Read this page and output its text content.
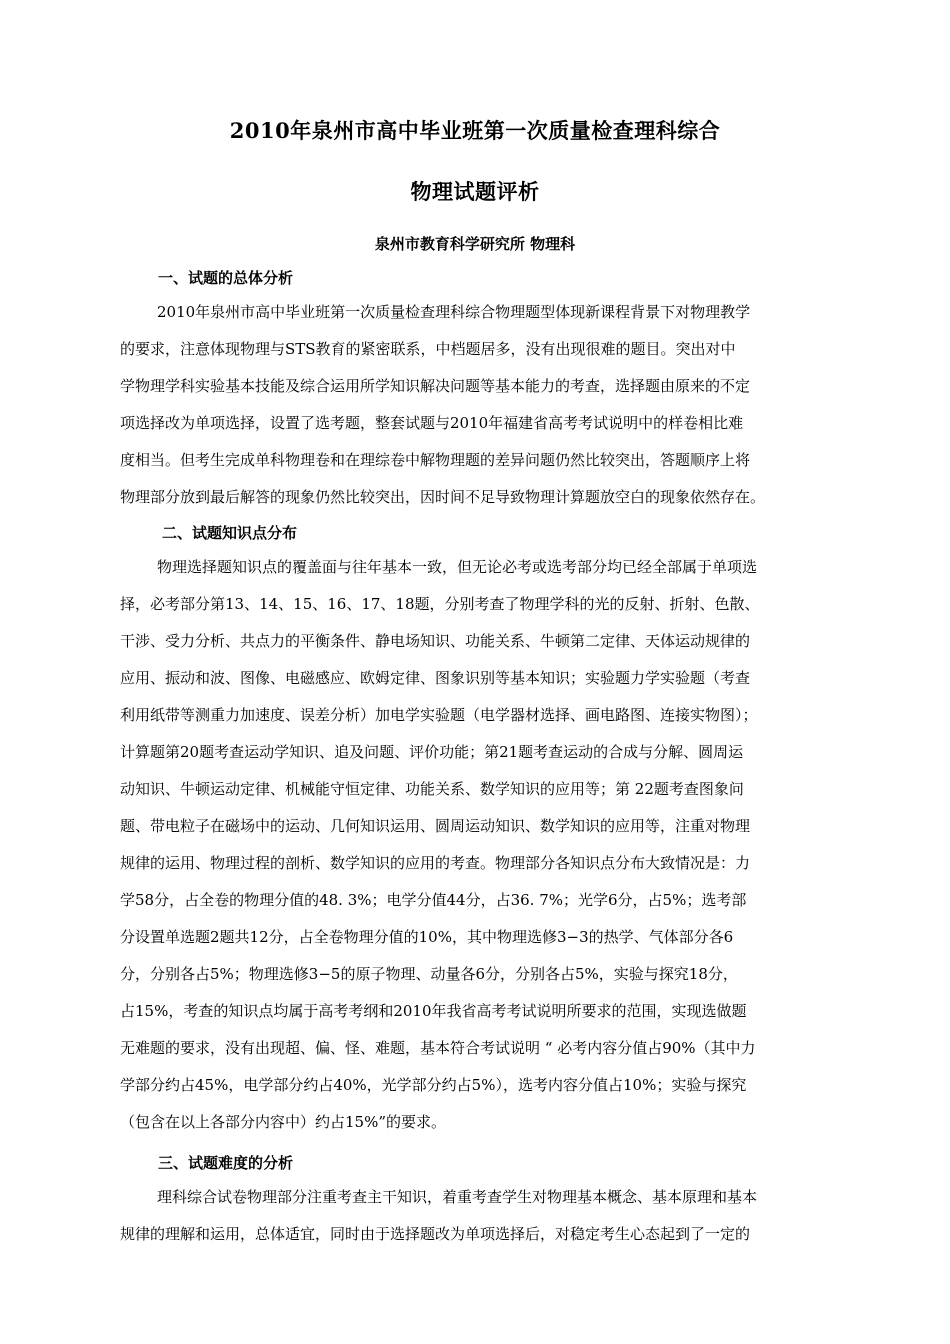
2010年泉州市高中毕业班第一次质量检查理科综合
物理试题评析
泉州市教育科学研究所 物理科
一、试题的总体分析
2010年泉州市高中毕业班第一次质量检查理科综合物理题型体现新课程背景下对物理教学
的要求，注意体现物理与STS教育的紧密联系，中档题居多，没有出现很难的题目。突出对中
学物理学科实验基本技能及综合运用所学知识解决问题等基本能力的考查，选择题由原来的不定
项选择改为单项选择，设置了选考题，整套试题与2010年福建省高考考试说明中的样卷相比难
度相当。但考生完成单科物理卷和在理综卷中解物理题的差异问题仍然比较突出，答题顺序上将
物理部分放到最后解答的现象仍然比较突出，因时间不足导致物理计算题放空白的现象依然存在。
二、试题知识点分布
物理选择题知识点的覆盖面与往年基本一致，但无论必考或选考部分均已经全部属于单项选
择，必考部分第13、14、15、16、17、18题，分别考查了物理学科的光的反射、折射、色散、
干涉、受力分析、共点力的平衡条件、静电场知识、功能关系、牛顿第二定律、天体运动规律的
应用、振动和波、图像、电磁感应、欧姆定律、图象识别等基本知识；实验题力学实验题（考查
利用纸带等测重力加速度、误差分析）加电学实验题（电学器材选择、画电路图、连接实物图）；
计算题第20题考查运动学知识、追及问题、评价功能；第21题考查运动的合成与分解、圆周运
动知识、牛顿运动定律、机械能守恒定律、功能关系、数学知识的应用等；第 22题考查图象问
题、带电粒子在磁场中的运动、几何知识运用、圆周运动知识、数学知识的应用等，注重对物理
规律的运用、物理过程的剖析、数学知识的应用的考查。物理部分各知识点分布大致情况是：力
学58分，占全卷的物理分值的48. 3%；电学分值44分，占36. 7%；光学6分，占5%；选考部
分设置单选题2题共12分，占全卷物理分值的10%，其中物理选修3−3的热学、气体部分各6
分，分别各占5%；物理选修3−5的原子物理、动量各6分，分别各占5%，实验与探究18分，
占15%，考查的知识点均属于高考考纲和2010年我省高考考试说明所要求的范围，实现选做题
无难题的要求，没有出现超、偏、怪、难题，基本符合考试说明 “ 必考内容分值占90%（其中力
学部分约占45%，电学部分约占40%，光学部分约占5%），选考内容分值占10%；实验与探究
（包含在以上各部分内容中）约占15%”的要求。
三、试题难度的分析
理科综合试卷物理部分注重考查主干知识，着重考查学生对物理基本概念、基本原理和基本
规律的理解和运用，总体适宜，同时由于选择题改为单项选择后，对稳定考生心态起到了一定的
